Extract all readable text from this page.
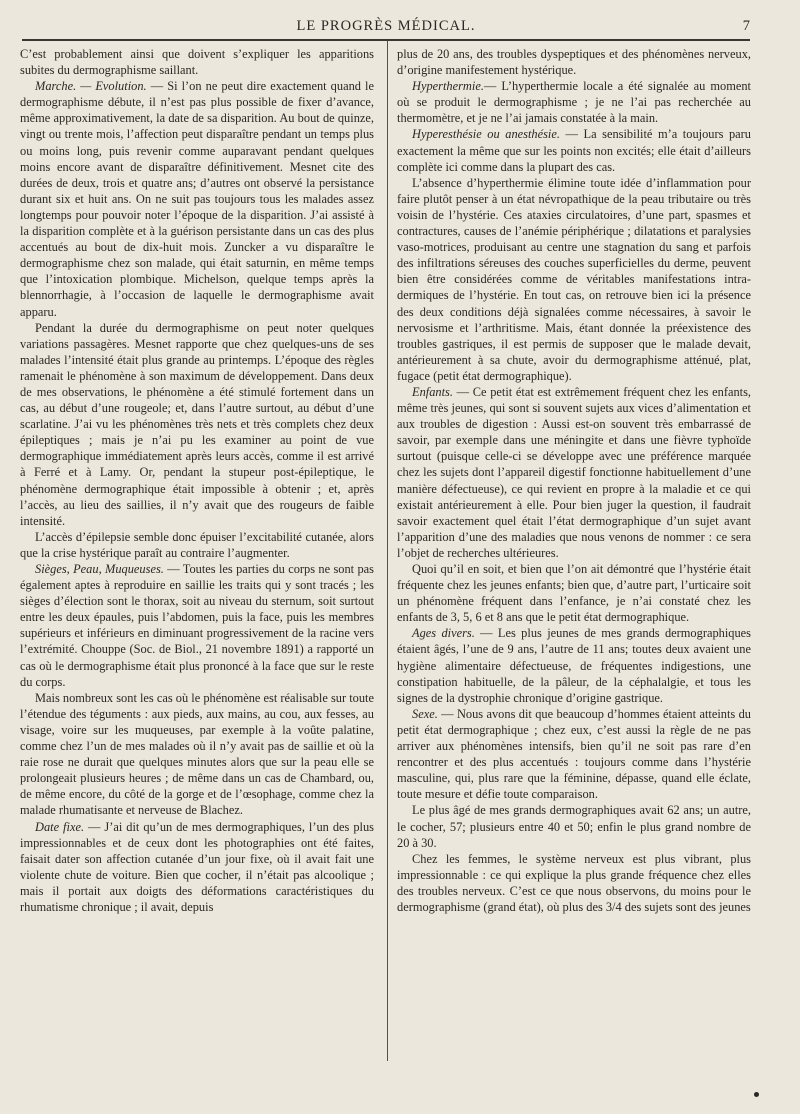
LE PROGRÈS MÉDICAL.	7

C’est probablement ainsi que doivent s’expliquer les apparitions subites du dermographisme saillant.

Marche. — Evolution. — Si l’on ne peut dire exactement quand le dermographisme débute, il n’est pas plus possible de fixer d’avance, même approximativement, la date de sa disparition. Au bout de quinze, vingt ou trente mois, l’affection peut disparaître pendant un temps plus ou moins long, puis revenir comme auparavant pendant quelques moins encore avant de disparaître définitivement. Mesnet cite des durées de deux, trois et quatre ans; d’autres ont observé la persistance durant six et huit ans. On ne suit pas toujours tous les malades assez longtemps pour pouvoir noter l’époque de la disparition. J’ai assisté à la disparition complète et à la guérison persistante dans un cas des plus accentués au bout de dix-huit mois. Zuncker a vu disparaître le dermographisme chez son malade, qui était saturnin, en même temps que l’intoxication plombique. Michelson, quelque temps après la blennorrhagie, à l’occasion de laquelle le dermographisme avait apparu.

Pendant la durée du dermographisme on peut noter quelques variations passagères. Mesnet rapporte que chez quelques-uns de ses malades l’intensité était plus grande au printemps. L’époque des règles ramenait le phénomène à son maximum de développement. Dans deux de mes observations, le phénomène a été stimulé fortement dans un cas, au début d’une rougeole; et, dans l’autre surtout, au début d’une scarlatine. J’ai vu les phénomènes très nets et très complets chez deux épileptiques ; mais je n’ai pu les examiner au point de vue dermographique immédiatement après leurs accès, comme il est arrivé à Ferré et à Lamy. Or, pendant la stupeur post-épileptique, le phénomène dermographique était impossible à obtenir ; et, après l’accès, au lieu des saillies, il n’y avait que des rougeurs de faible intensité.

L’accès d’épilepsie semble donc épuiser l’excitabilité cutanée, alors que la crise hystérique paraît au contraire l’augmenter.

Sièges, Peau, Muqueuses. — Toutes les parties du corps ne sont pas également aptes à reproduire en saillie les traits qui y sont tracés ; les sièges d’élection sont le thorax, soit au niveau du sternum, soit surtout entre les deux épaules, puis l’abdomen, puis la face, puis les membres supérieurs et inférieurs en diminuant progressivement de la racine vers l’extrémité. Chouppe (Soc. de Biol., 21 novembre 1891) a rapporté un cas où le dermographisme était plus prononcé à la face que sur le reste du corps.

Mais nombreux sont les cas où le phénomène est réalisable sur toute l’étendue des téguments : aux pieds, aux mains, au cou, aux fesses, au visage, voire sur les muqueuses, par exemple à la voûte palatine, comme chez l’un de mes malades où il n’y avait pas de saillie et où la raie rose ne durait que quelques minutes alors que sur la peau elle se prolongeait plusieurs heures ; de même dans un cas de Chambard, ou, de même encore, du côté de la gorge et de l’œsophage, comme chez la malade rhumatisante et nerveuse de Blachez.

Date fixe. — J’ai dit qu’un de mes dermographiques, l’un des plus impressionnables et de ceux dont les photographies ont été faites, faisait dater son affection cutanée d’un jour fixe, où il avait fait une violente chute de voiture. Bien que cocher, il n’était pas alcoolique ; mais il portait aux doigts des déformations caractéristiques du rhumatisme chronique ; il avait, depuis

plus de 20 ans, des troubles dyspeptiques et des phénomènes nerveux, d’origine manifestement hystérique.

Hyperthermie.— L’hyperthermie locale a été signalée au moment où se produit le dermographisme ; je ne l’ai pas recherchée au thermomètre, et je ne l’ai jamais constatée à la main.

Hyperesthésie ou anesthésie. — La sensibilité m’a toujours paru exactement la même que sur les points non excités; elle était d’ailleurs complète ici comme dans la plupart des cas.

L’absence d’hyperthermie élimine toute idée d’inflammation pour faire plutôt penser à un état névropathique de la peau tributaire ou très voisin de l’hystérie. Ces ataxies circulatoires, d’une part, spasmes et contractures, causes de l’anémie périphérique ; dilatations et paralysies vaso-motrices, produisant au centre une stagnation du sang et parfois des infiltrations séreuses des couches superficielles du derme, peuvent bien être considérées comme de véritables manifestations intra-dermiques de l’hystérie. En tout cas, on retrouve bien ici la présence des deux conditions déjà signalées comme nécessaires, à savoir le nervosisme et l’arthritisme. Mais, étant donnée la préexistence des troubles gastriques, il est permis de supposer que le malade devait, antérieurement à sa chute, avoir du dermographisme atténué, plat, fugace (petit état dermographique).

Enfants. — Ce petit état est extrêmement fréquent chez les enfants, même très jeunes, qui sont si souvent sujets aux vices d’alimentation et aux troubles de digestion : Aussi est-on souvent très embarrassé de savoir, par exemple dans une méningite et dans une fièvre typhoïde surtout (puisque celle-ci se développe avec une préférence marquée chez les sujets dont l’appareil digestif fonctionne habituellement d’une manière défectueuse), ce qui revient en propre à la maladie et ce qui existait antérieurement à elle. Pour bien juger la question, il faudrait savoir exactement quel était l’état dermographique d’un sujet avant l’apparition d’une des maladies que nous venons de nommer : ce sera l’objet de recherches ultérieures.

Quoi qu’il en soit, et bien que l’on ait démontré que l’hystérie était fréquente chez les jeunes enfants; bien que, d’autre part, l’urticaire soit un phénomène fréquent dans l’enfance, je n’ai constaté chez les enfants de 3, 5, 6 et 8 ans que le petit état dermographique.

Ages divers. — Les plus jeunes de mes grands dermographiques étaient âgés, l’une de 9 ans, l’autre de 11 ans; toutes deux avaient une hygiène alimentaire défectueuse, de fréquentes indigestions, une constipation habituelle, de la pâleur, de la céphalalgie, et tous les signes de la dystrophie chronique d’origine gastrique.

Sexe. — Nous avons dit que beaucoup d’hommes étaient atteints du petit état dermographique ; chez eux, c’est aussi la règle de ne pas arriver aux phénomènes intensifs, bien qu’il ne soit pas rare d’en rencontrer et des plus accentués : toujours comme dans l’hystérie masculine, qui, plus rare que la féminine, dépasse, quand elle éclate, toute mesure et défie toute comparaison.

Le plus âgé de mes grands dermographiques avait 62 ans; un autre, le cocher, 57; plusieurs entre 40 et 50; enfin le plus grand nombre de 20 à 30.

Chez les femmes, le système nerveux est plus vibrant, plus impressionnable : ce qui explique la plus grande fréquence chez elles des troubles nerveux. C’est ce que nous observons, du moins pour le dermographisme (grand état), où plus des 3/4 des sujets sont des jeunes
